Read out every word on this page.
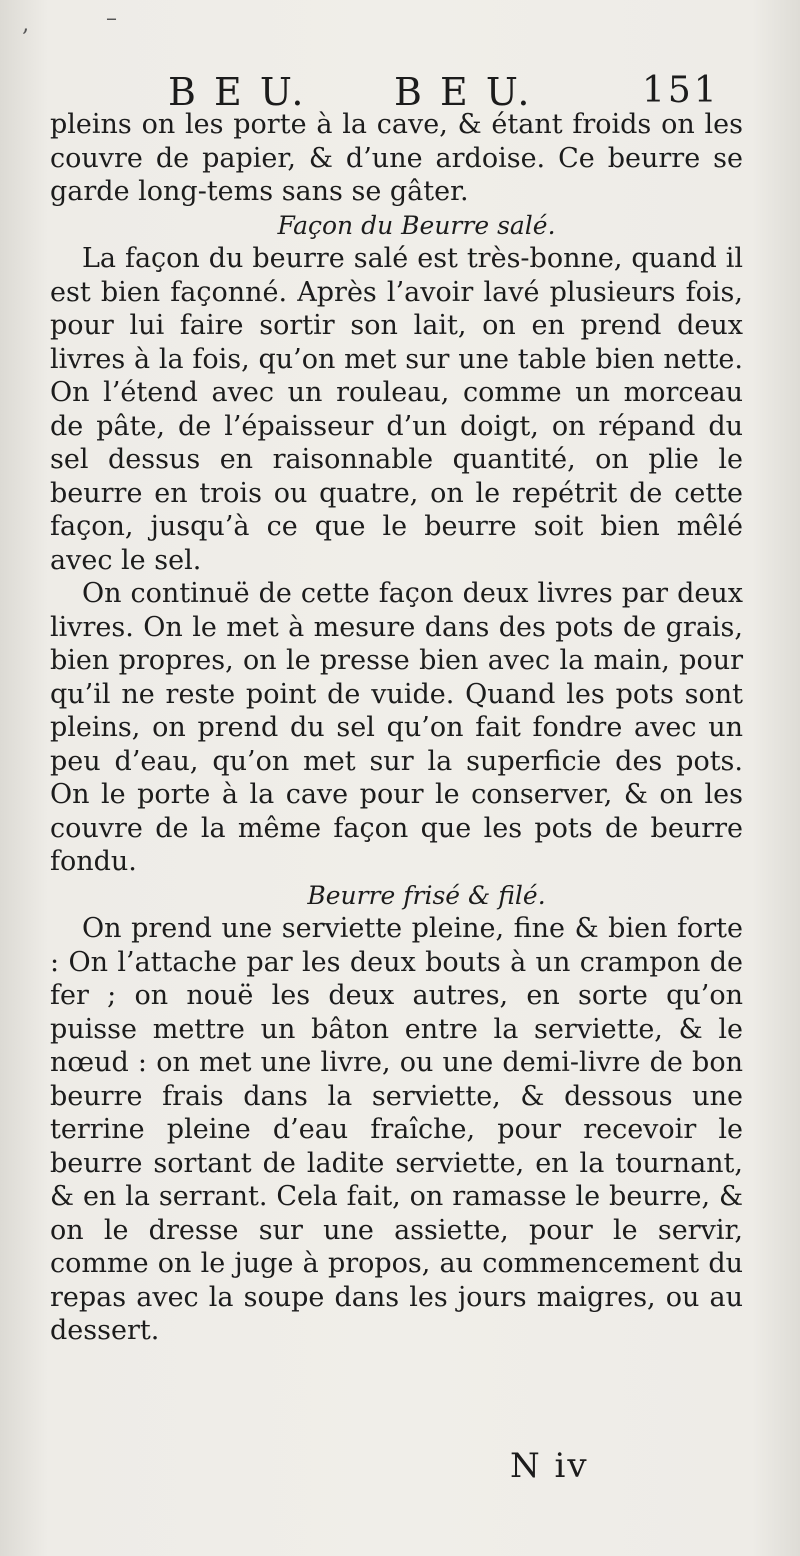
‚	–
B E U. B E U.	151

pleins on les porte à la cave, & étant froids on les couvre de papier, & d’une ardoise. Ce beurre se garde long-tems sans se gâter.

Façon du Beurre salé.

La façon du beurre salé est très-bonne, quand il est bien façonné. Après l’avoir lavé plusieurs fois, pour lui faire sortir son lait, on en prend deux livres à la fois, qu’on met sur une table bien nette. On l’étend avec un rouleau, comme un morceau de pâte, de l’épaisseur d’un doigt, on répand du sel dessus en raisonnable quantité, on plie le beurre en trois ou quatre, on le repétrit de cette façon, jusqu’à ce que le beurre soit bien mêlé avec le sel.

On continuë de cette façon deux livres par deux livres. On le met à mesure dans des pots de grais, bien propres, on le presse bien avec la main, pour qu’il ne reste point de vuide. Quand les pots sont pleins, on prend du sel qu’on fait fondre avec un peu d’eau, qu’on met sur la superficie des pots. On le porte à la cave pour le conserver, & on les couvre de la même façon que les pots de beurre fondu.

Beurre frisé & filé.

On prend une serviette pleine, fine & bien forte : On l’attache par les deux bouts à un crampon de fer ; on nouë les deux autres, en sorte qu’on puisse mettre un bâton entre la serviette, & le nœud : on met une livre, ou une demi-livre de bon beurre frais dans la serviette, & dessous une terrine pleine d’eau fraîche, pour recevoir le beurre sortant de ladite serviette, en la tournant, & en la serrant. Cela fait, on ramasse le beurre, & on le dresse sur une assiette, pour le servir, comme on le juge à propos, au commencement du repas avec la soupe dans les jours maigres, ou au dessert.

N iv
